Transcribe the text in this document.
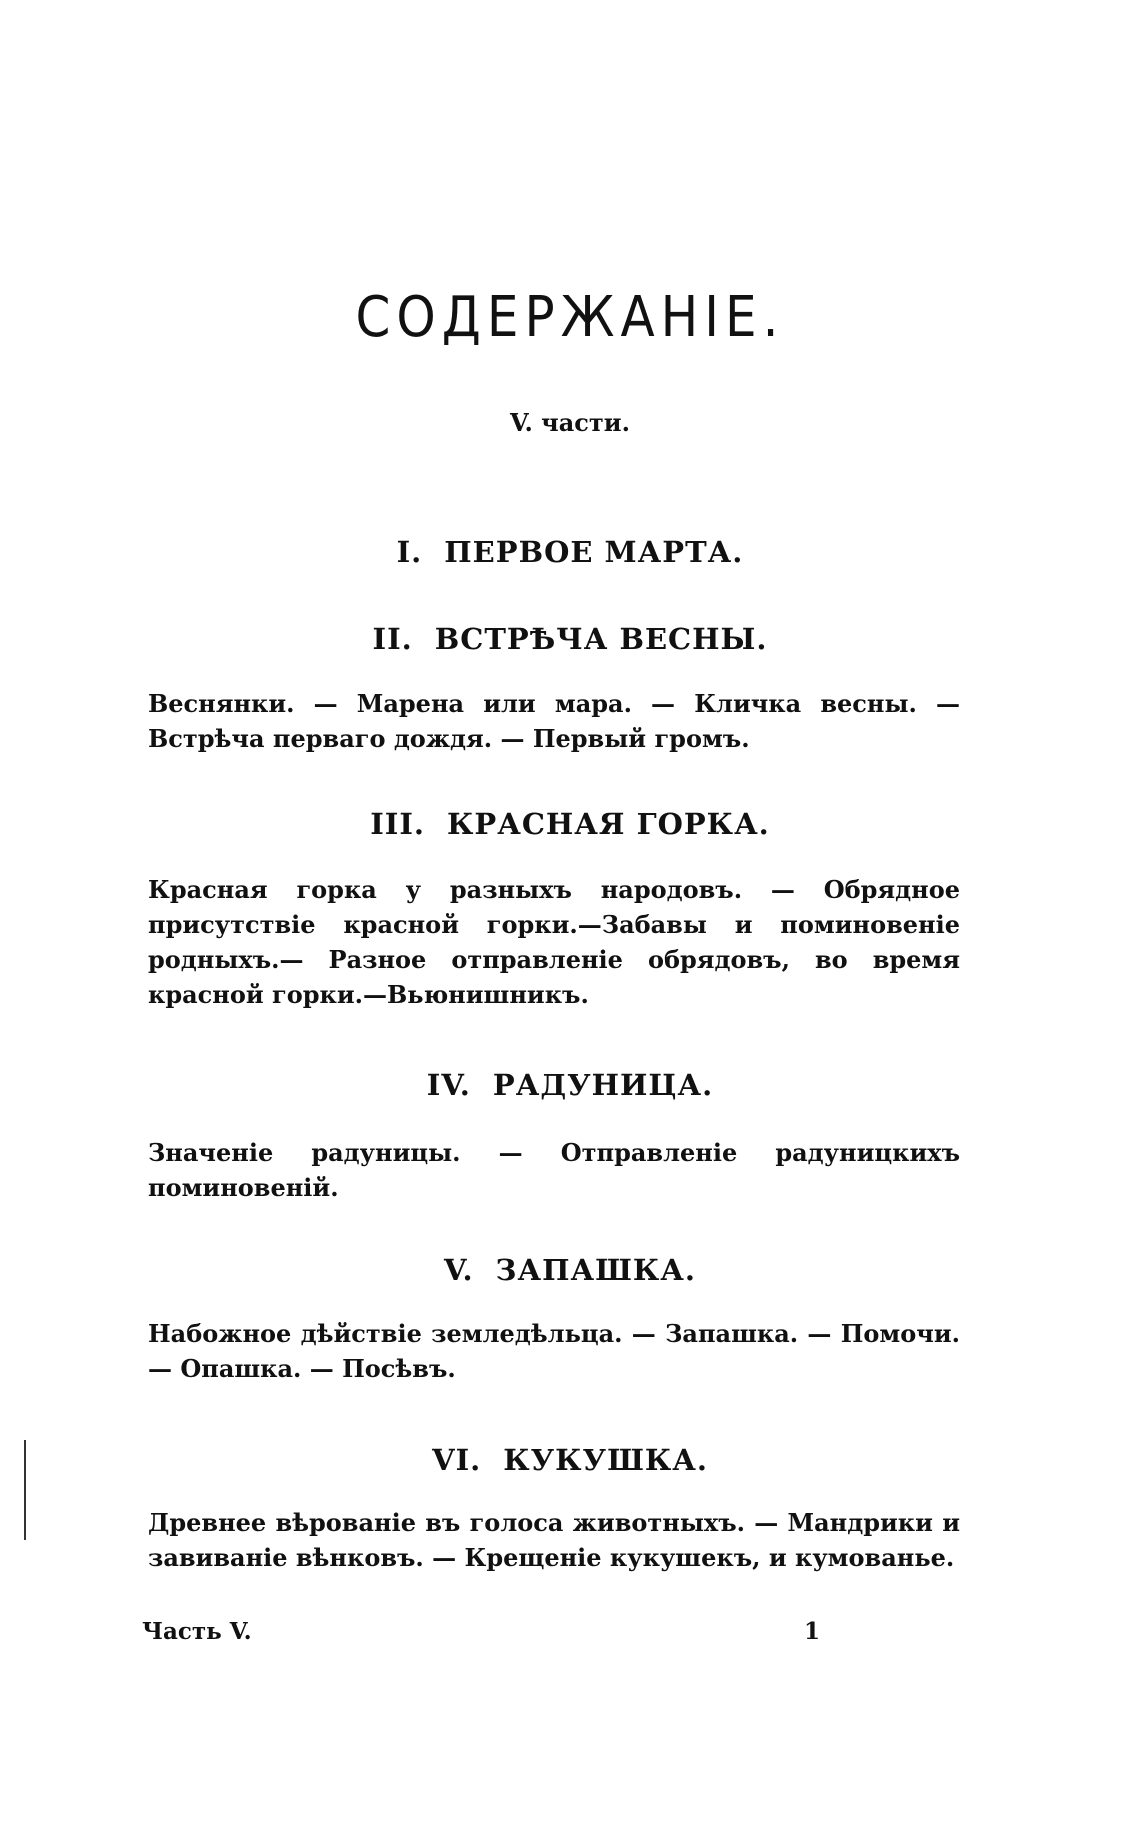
СОДЕРЖАНІЕ.
V. части.
I. ПЕРВОЕ МАРТА.
II. ВСТРѢЧА ВЕСНЫ.
Веснянки. — Марена или мара. — Кличка весны. — Встрѣча перваго дождя. — Первый громъ.
III. КРАСНАЯ ГОРКА.
Красная горка у разныхъ народовъ. — Обрядное присутствіе красной горки.—Забавы и поминовеніе родныхъ.— Разное отправленіе обрядовъ, во время красной горки.—Вьюнишникъ.
IV. РАДУНИЦА.
Значеніе радуницы. — Отправленіе радуницкихъ поминовеній.
V. ЗАПАШКА.
Набожное дѣйствіе земледѣльца. — Запашка. — Помочи. — Опашка. — Посѣвъ.
VI. КУКУШКА.
Древнее вѣрованіе въ голоса животныхъ. — Мандрики и завиваніе вѣнковъ. — Крещеніе кукушекъ, и кумованье.
Часть V.	1
